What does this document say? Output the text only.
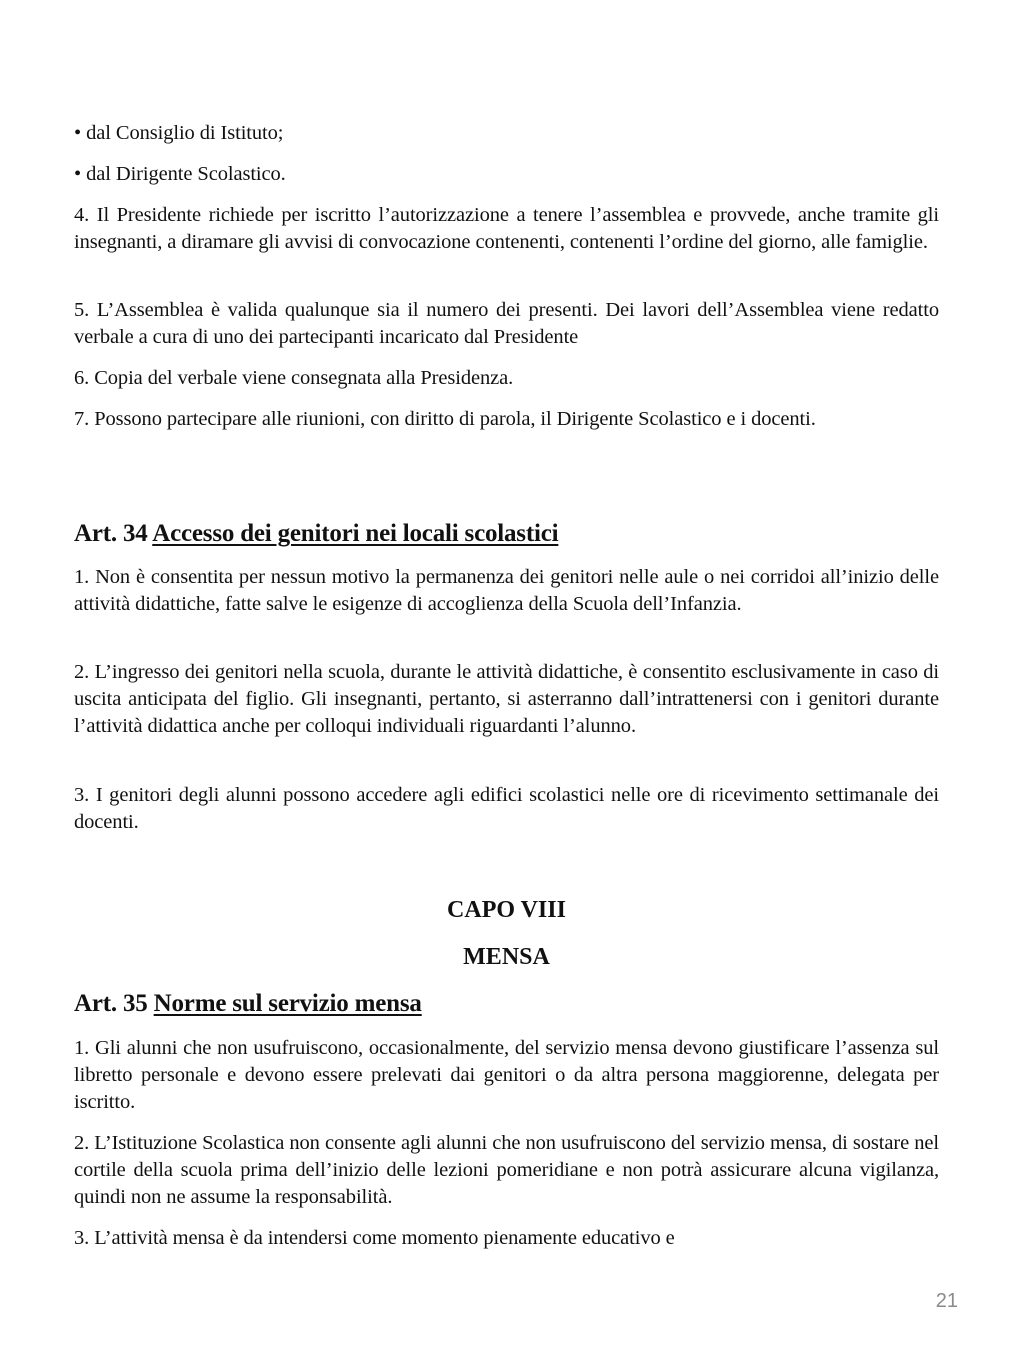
• dal Consiglio di Istituto;

• dal Dirigente Scolastico.

4. Il Presidente richiede per iscritto l’autorizzazione a tenere l’assemblea e provvede, anche tramite gli insegnanti, a diramare gli avvisi di convocazione contenenti, contenenti l’ordine del giorno, alle famiglie.

5. L’Assemblea è valida qualunque sia il numero dei presenti. Dei lavori dell’Assemblea viene redatto verbale a cura di uno dei partecipanti incaricato dal Presidente

6. Copia del verbale viene consegnata alla Presidenza.

7. Possono partecipare alle riunioni, con diritto di parola, il Dirigente Scolastico e i docenti.

Art. 34 Accesso dei genitori nei locali scolastici

1. Non è consentita per nessun motivo la permanenza dei genitori nelle aule o nei corridoi all’inizio delle attività didattiche, fatte salve le esigenze di accoglienza della Scuola dell’Infanzia.

2. L’ingresso dei genitori nella scuola, durante le attività didattiche, è consentito esclusivamente in caso di uscita anticipata del figlio. Gli insegnanti, pertanto, si asterranno dall’intrattenersi con i genitori durante l’attività didattica anche per colloqui individuali riguardanti l’alunno.

3. I genitori degli alunni possono accedere agli edifici scolastici nelle ore di ricevimento settimanale dei docenti.

CAPO VIII
MENSA
Art. 35 Norme sul servizio mensa

1. Gli alunni che non usufruiscono, occasionalmente, del servizio mensa devono giustificare l’assenza sul libretto personale e devono essere prelevati dai genitori o da altra persona maggiorenne, delegata per iscritto.

2. L’Istituzione Scolastica non consente agli alunni che non usufruiscono del servizio mensa, di sostare nel cortile della scuola prima dell’inizio delle lezioni pomeridiane e non potrà assicurare alcuna vigilanza, quindi non ne assume la responsabilità.

3. L’attività mensa è da intendersi come momento pienamente educativo e

21
